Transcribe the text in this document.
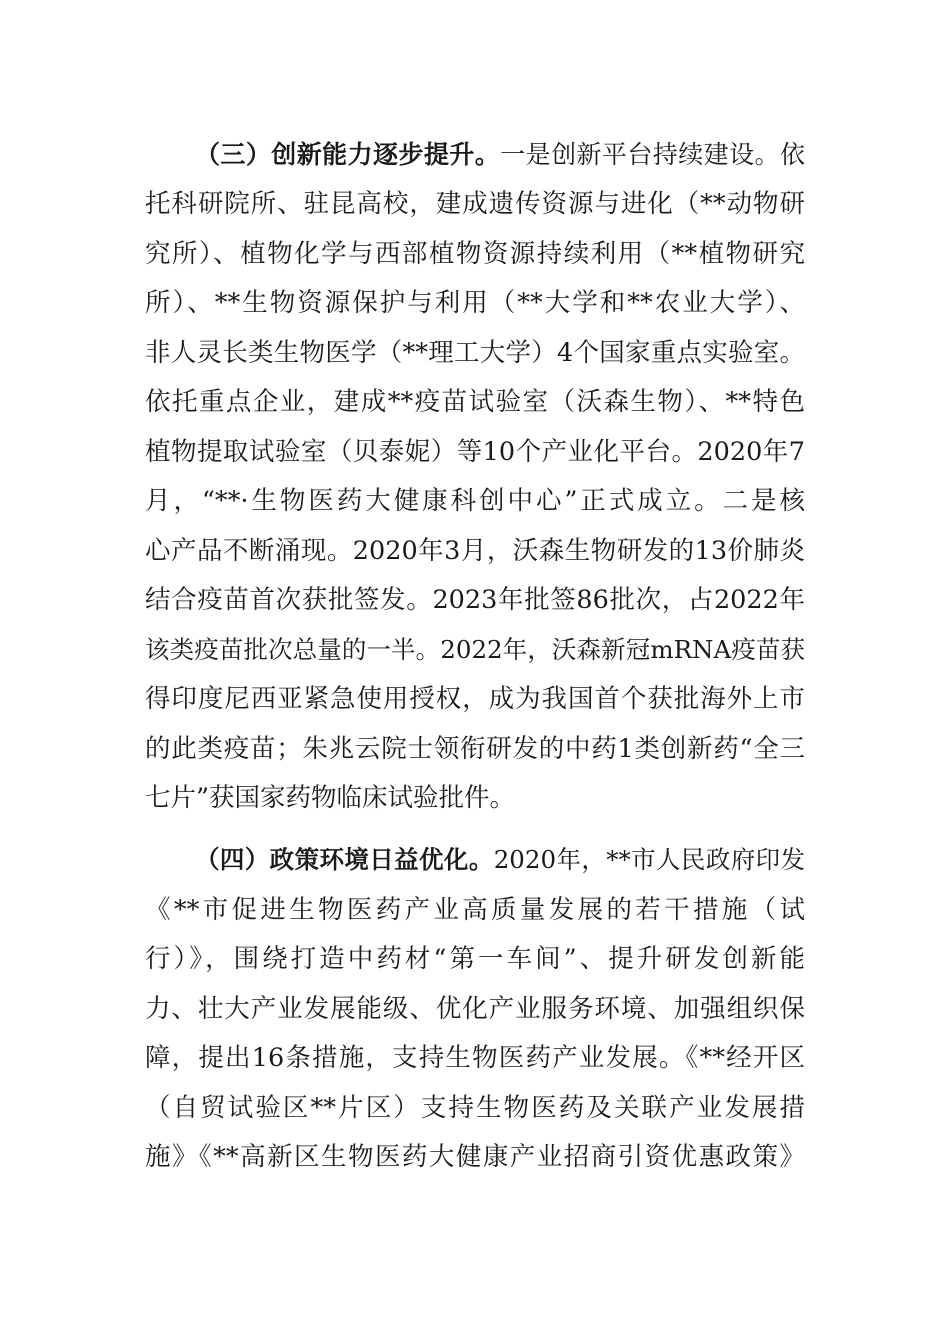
（三）创新能力逐步提升。一是创新平台持续建设。依
托科研院所、驻昆高校，建成遗传资源与进化（**动物研
究所）、植物化学与西部植物资源持续利用（**植物研究
所）、**生物资源保护与利用（**大学和**农业大学）、
非人灵长类生物医学（**理工大学）4个国家重点实验室。
依托重点企业，建成**疫苗试验室（沃森生物）、**特色
植物提取试验室（贝泰妮）等10个产业化平台。2020年7
月，“**·生物医药大健康科创中心”正式成立。二是核
心产品不断涌现。2020年3月，沃森生物研发的13价肺炎
结合疫苗首次获批签发。2023年批签86批次，占2022年
该类疫苗批次总量的一半。2022年，沃森新冠mRNA疫苗获
得印度尼西亚紧急使用授权，成为我国首个获批海外上市
的此类疫苗；朱兆云院士领衔研发的中药1类创新药“全三
七片”获国家药物临床试验批件。
（四）政策环境日益优化。2020年，**市人民政府印发
《**市促进生物医药产业高质量发展的若干措施（试
行）》，围绕打造中药材“第一车间”、提升研发创新能
力、壮大产业发展能级、优化产业服务环境、加强组织保
障，提出16条措施，支持生物医药产业发展。《**经开区
（自贸试验区**片区）支持生物医药及关联产业发展措
施》《**高新区生物医药大健康产业招商引资优惠政策》
